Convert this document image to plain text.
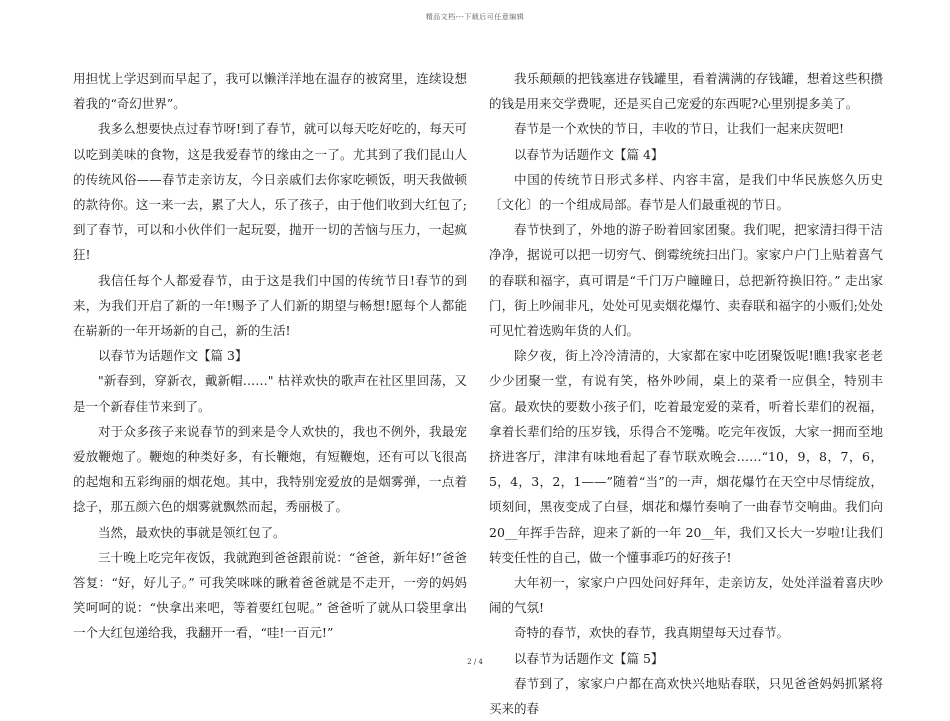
精品文档---下载后可任意编辑

用担忧上学迟到而早起了，我可以懒洋洋地在温存的被窝里，连续设想着我的“奇幻世界”。

我多么想要快点过春节呀!到了春节，就可以每天吃好吃的，每天可以吃到美味的食物，这是我爱春节的缘由之一了。尤其到了我们昆山人的传统风俗——春节走亲访友，今日亲戚们去你家吃顿饭，明天我做顿的款待你。这一来一去，累了大人，乐了孩子，由于他们收到大红包了;到了春节，可以和小伙伴们一起玩耍，抛开一切的苦恼与压力，一起疯狂!

我信任每个人都爱春节，由于这是我们中国的传统节日!春节的到来，为我们开启了新的一年!赐予了人们新的期望与畅想!愿每个人都能在崭新的一年开场新的自己，新的生活!

以春节为话题作文【篇 3】

"新春到，穿新衣，戴新帽……" 枯祥欢快的歌声在社区里回荡，又是一个新春佳节来到了。

对于众多孩子来说春节的到来是令人欢快的，我也不例外，我最宠爱放鞭炮了。鞭炮的种类好多，有长鞭炮，有短鞭炮，还有可以飞很高的起炮和五彩绚丽的烟花炮。其中，我特别宠爱放的是烟雾弹，一点着捻子，那五颜六色的烟雾就飘然而起，秀丽极了。

当然，最欢快的事就是领红包了。

三十晚上吃完年夜饭，我就跑到爸爸跟前说：“爸爸，新年好!”爸爸答复：“好，好儿子。” 可我笑咪咪的瞅着爸爸就是不走开，一旁的妈妈笑呵呵的说：“快拿出来吧，等着要红包呢。” 爸爸听了就从口袋里拿出一个大红包递给我，我翻开一看，“哇!一百元!”

我乐颠颠的把钱塞进存钱罐里，看着满满的存钱罐，想着这些积攒的钱是用来交学费呢，还是买自己宠爱的东西呢?心里别提多美了。

春节是一个欢快的节日，丰收的节日，让我们一起来庆贺吧!

以春节为话题作文【篇 4】

中国的传统节日形式多样、内容丰富，是我们中华民族悠久历史〔文化〕的一个组成局部。春节是人们最重视的节日。

春节快到了，外地的游子盼着回家团聚。我们呢，把家清扫得干洁净净，据说可以把一切穷气、倒霉统统扫出门。家家户户门上贴着喜气的春联和福字，真可谓是“千门万户瞳瞳日，总把新符换旧符。” 走出家门，街上吵闹非凡，处处可见卖烟花爆竹、卖春联和福字的小贩们;处处可见忙着选购年货的人们。

除夕夜，街上冷冷清清的，大家都在家中吃团聚饭呢!瞧!我家老老少少团聚一堂，有说有笑，格外吵闹，桌上的菜肴一应俱全，特别丰富。最欢快的要数小孩子们，吃着最宠爱的菜肴，听着长辈们的祝福，拿着长辈们给的压岁钱，乐得合不笼嘴。吃完年夜饭，大家一拥而至地挤进客厅，津津有味地看起了春节联欢晚会……“10，9，8，7，6，5，4，3，2，1——”随着“当”的一声，烟花爆竹在天空中尽情绽放，顷刻间，黑夜变成了白昼，烟花和爆竹奏响了一曲春节交响曲。我们向 20__年挥手告辞，迎来了新的一年 20__年，我们又长大一岁啦!让我们转变任性的自己，做一个懂事乖巧的好孩子!

大年初一，家家户户四处问好拜年，走亲访友，处处洋溢着喜庆吵闹的气氛!

奇特的春节，欢快的春节，我真期望每天过春节。

以春节为话题作文【篇 5】

春节到了，家家户户都在高欢快兴地贴春联，只见爸爸妈妈抓紧将买来的春

2 / 4
